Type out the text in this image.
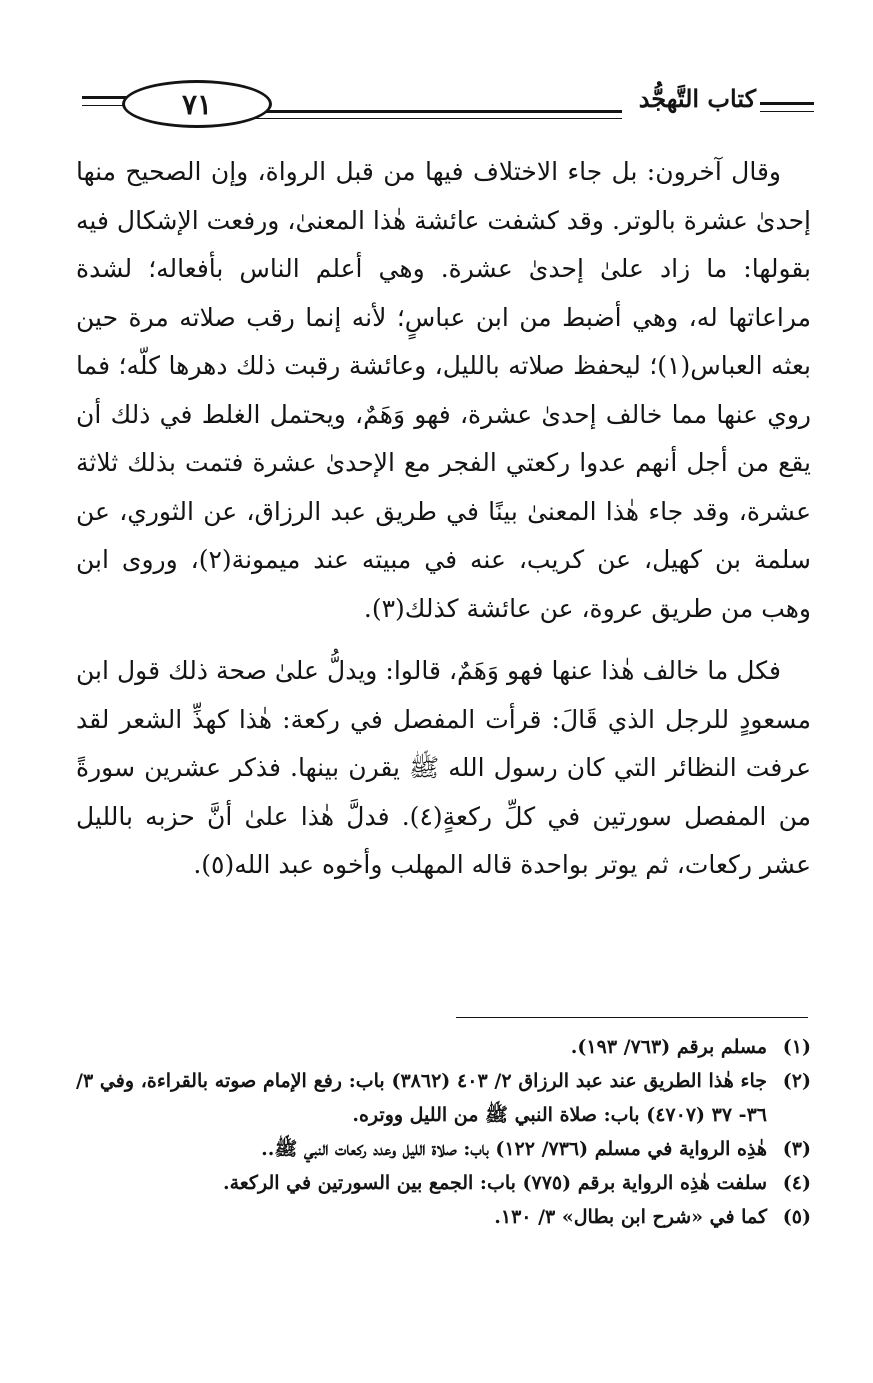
٧١	كتاب التَّهجُّد

وقال آخرون: بل جاء الاختلاف فيها من قبل الرواة، وإن الصحيح منها إحدىٰ عشرة بالوتر. وقد كشفت عائشة هٰذا المعنىٰ، ورفعت الإشكال فيه بقولها: ما زاد علىٰ إحدىٰ عشرة. وهي أعلم الناس بأفعاله؛ لشدة مراعاتها له، وهي أضبط من ابن عباسٍ؛ لأنه إنما رقب صلاته مرة حين بعثه العباس(١)؛ ليحفظ صلاته بالليل، وعائشة رقبت ذلك دهرها كلّه؛ فما روي عنها مما خالف إحدىٰ عشرة، فهو وَهَمٌ، ويحتمل الغلط في ذلك أن يقع من أجل أنهم عدوا ركعتي الفجر مع الإحدىٰ عشرة فتمت بذلك ثلاثة عشرة، وقد جاء هٰذا المعنىٰ بينًا في طريق عبد الرزاق، عن الثوري، عن سلمة بن كهيل، عن كريب، عنه في مبيته عند ميمونة(٢)، وروى ابن وهب من طريق عروة، عن عائشة كذلك(٣).

فكل ما خالف هٰذا عنها فهو وَهَمٌ، قالوا: ويدلُّ علىٰ صحة ذلك قول ابن مسعودٍ للرجل الذي قَالَ: قرأت المفصل في ركعة: هٰذا كهذِّ الشعر لقد عرفت النظائر التي كان رسول الله ﷺ يقرن بينها. فذكر عشرين سورةً من المفصل سورتين في كلِّ ركعةٍ(٤). فدلَّ هٰذا علىٰ أنَّ حزبه بالليل عشر ركعات، ثم يوتر بواحدة قاله المهلب وأخوه عبد الله(٥).

(١)
مسلم برقم (٧٦٣/ ١٩٣).
(٢)
جاء هٰذا الطريق عند عبد الرزاق ٢/ ٤٠٣ (٣٨٦٢) باب: رفع الإمام صوته بالقراءة، وفي ٣/ ٣٦- ٣٧ (٤٧٠٧) باب: صلاة النبي ﷺ من الليل ووتره.
(٣)
هٰذِه الرواية في مسلم (٧٣٦/ ١٢٢) باب: صلاة الليل وعدد ركعات النبي ﷺ..
(٤)
سلفت هٰذِه الرواية برقم (٧٧٥) باب: الجمع بين السورتين في الركعة.
(٥)
كما في «شرح ابن بطال» ٣/ ١٣٠.
